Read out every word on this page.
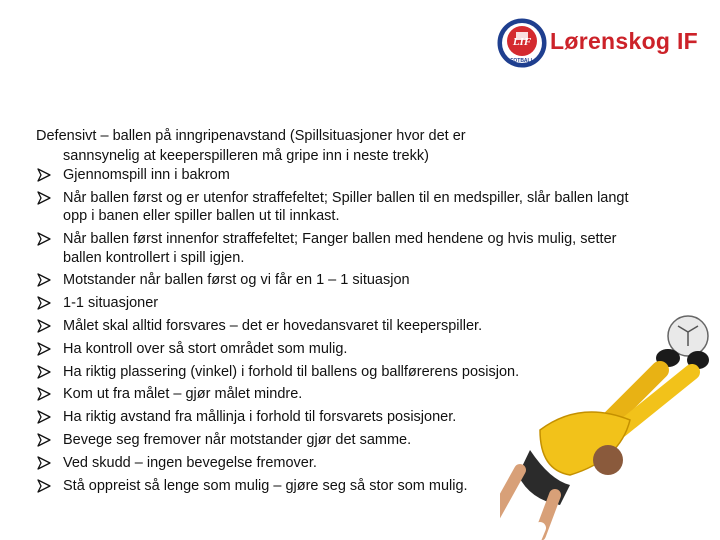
LIF
FOTBALL
Lørenskog IF
Defensivt – ballen på inngripenavstand (Spillsituasjoner hvor det er
sannsynelig at keeperspilleren må gripe inn i neste trekk)
Gjennomspill inn i bakrom
Når ballen først og er utenfor straffefeltet; Spiller ballen til en medspiller, slår ballen langt opp i banen eller spiller ballen ut til innkast.
Når ballen først innenfor straffefeltet; Fanger ballen med hendene og hvis mulig, setter ballen kontrollert i spill igjen.
Motstander når ballen først og vi får en 1 – 1 situasjon
1-1 situasjoner
Målet skal alltid forsvares – det er hovedansvaret til keeperspiller.
Ha kontroll over så stort området som mulig.
Ha riktig plassering (vinkel) i forhold til ballens og ballførerens posisjon.
Kom ut fra målet – gjør målet mindre.
Ha riktig avstand fra mållinja i forhold til forsvarets posisjoner.
Bevege seg fremover når motstander gjør det samme.
Ved skudd – ingen bevegelse fremover.
Stå oppreist så lenge som mulig – gjøre seg så stor som mulig.
